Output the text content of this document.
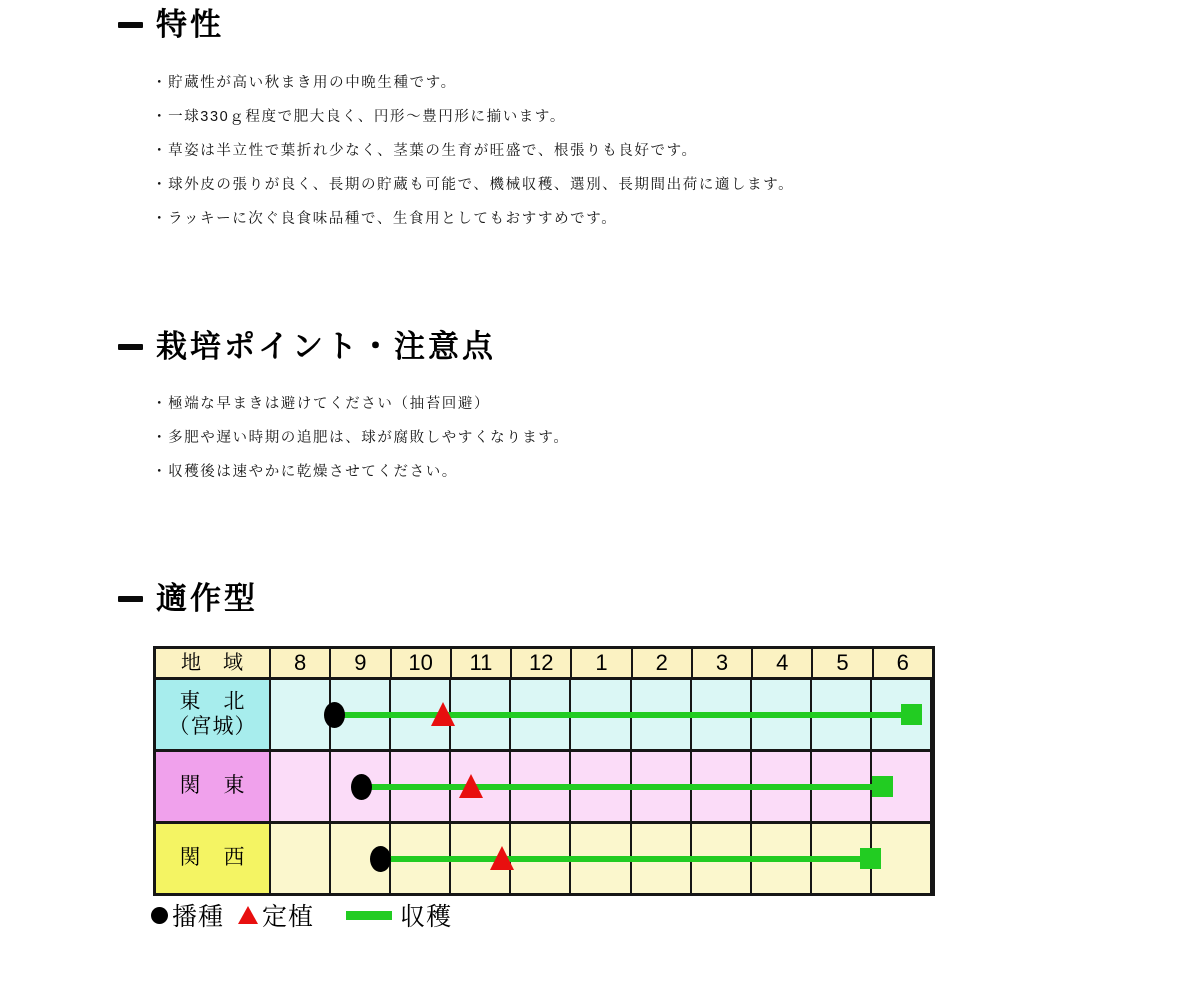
特性
・貯蔵性が高い秋まき用の中晩生種です。
・一球330ｇ程度で肥大良く、円形〜豊円形に揃います。
・草姿は半立性で葉折れ少なく、茎葉の生育が旺盛で、根張りも良好です。
・球外皮の張りが良く、長期の貯蔵も可能で、機械収穫、選別、長期間出荷に適します。
・ラッキーに次ぐ良食味品種で、生食用としてもおすすめです。
栽培ポイント・注意点
・極端な早まきは避けてください（抽苔回避）
・多肥や遅い時期の追肥は、球が腐敗しやすくなります。
・収穫後は速やかに乾燥させてください。
適作型
地　域	8	9	10	11	12	1	2	3	4	5	6
東　北
（宮城）
関　東
関　西
播種 定植	収穫
